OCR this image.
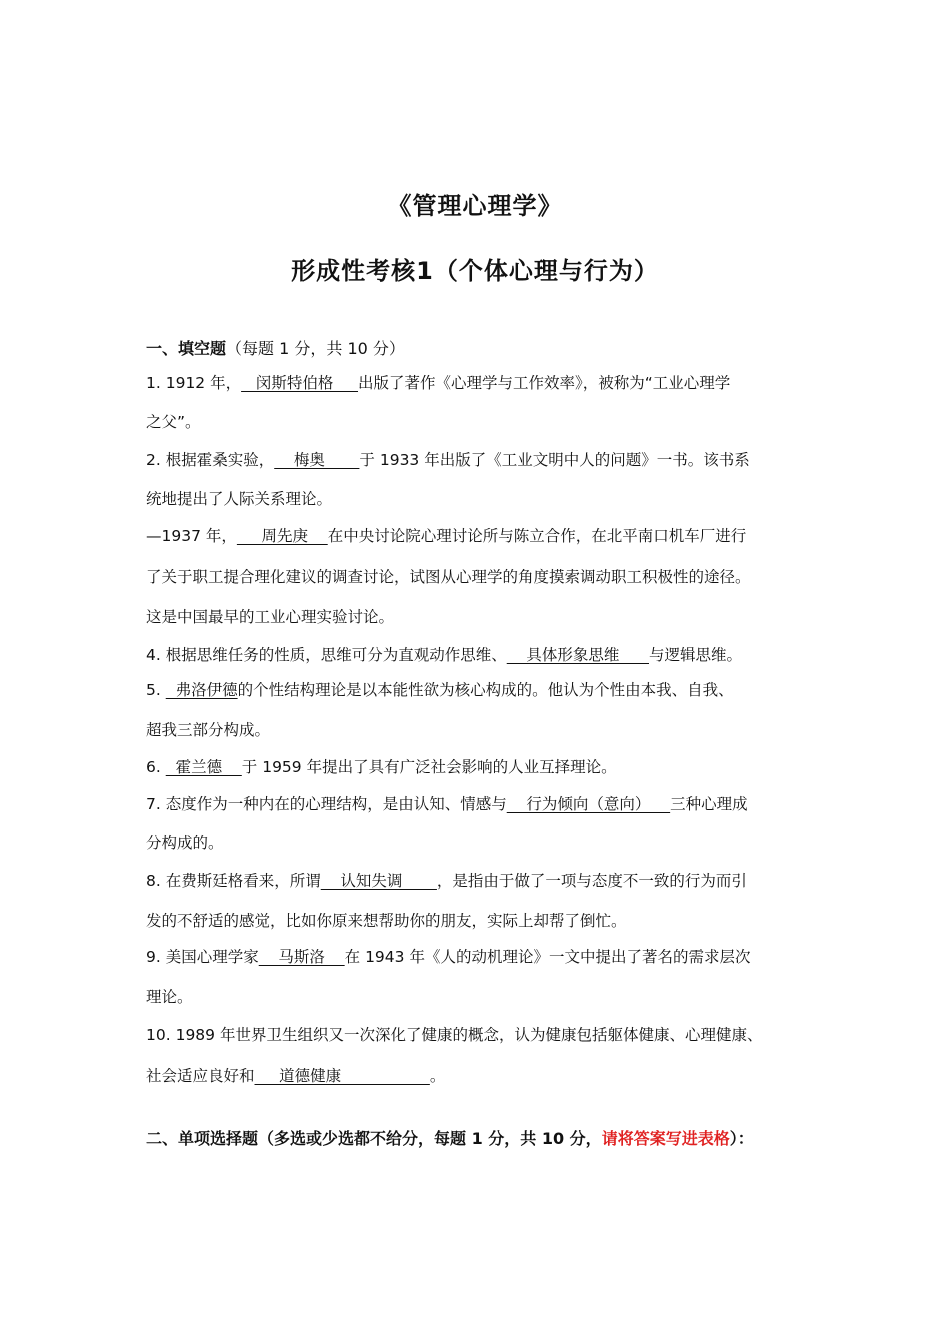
《管理心理学》
形成性考核1（个体心理与行为）
一、填空题（每题 1 分，共 10 分）
1. 1912 年，   闵斯特伯格     出版了著作《心理学与工作效率》，被称为“工业心理学
之父”。
2. 根据霍桑实验，    梅奥       于 1933 年出版了《工业文明中人的问题》一书。该书系
统地提出了人际关系理论。
—1937 年，     周先庚    在中央讨论院心理讨论所与陈立合作，在北平南口机车厂进行
了关于职工提合理化建议的调查讨论，试图从心理学的角度摸索调动职工积极性的途径。
这是中国最早的工业心理实验讨论。
4. 根据思维任务的性质，思维可分为直观动作思维、    具体形象思维      与逻辑思维。
5.   弗洛伊德的个性结构理论是以本能性欲为核心构成的。他认为个性由本我、自我、
超我三部分构成。
6.   霍兰德    于 1959 年提出了具有广泛社会影响的人业互择理论。
7. 态度作为一种内在的心理结构，是由认知、情感与    行为倾向（意向）    三种心理成
分构成的。
8. 在费斯廷格看来，所谓    认知失调       ，是指由于做了一项与态度不一致的行为而引
发的不舒适的感觉，比如你原来想帮助你的朋友，实际上却帮了倒忙。
9. 美国心理学家    马斯洛    在 1943 年《人的动机理论》一文中提出了著名的需求层次
理论。
10. 1989 年世界卫生组织又一次深化了健康的概念，认为健康包括躯体健康、心理健康、
社会适应良好和     道德健康                  。
二、单项选择题（多选或少选都不给分，每题 1 分，共 10 分，请将答案写进表格）：
